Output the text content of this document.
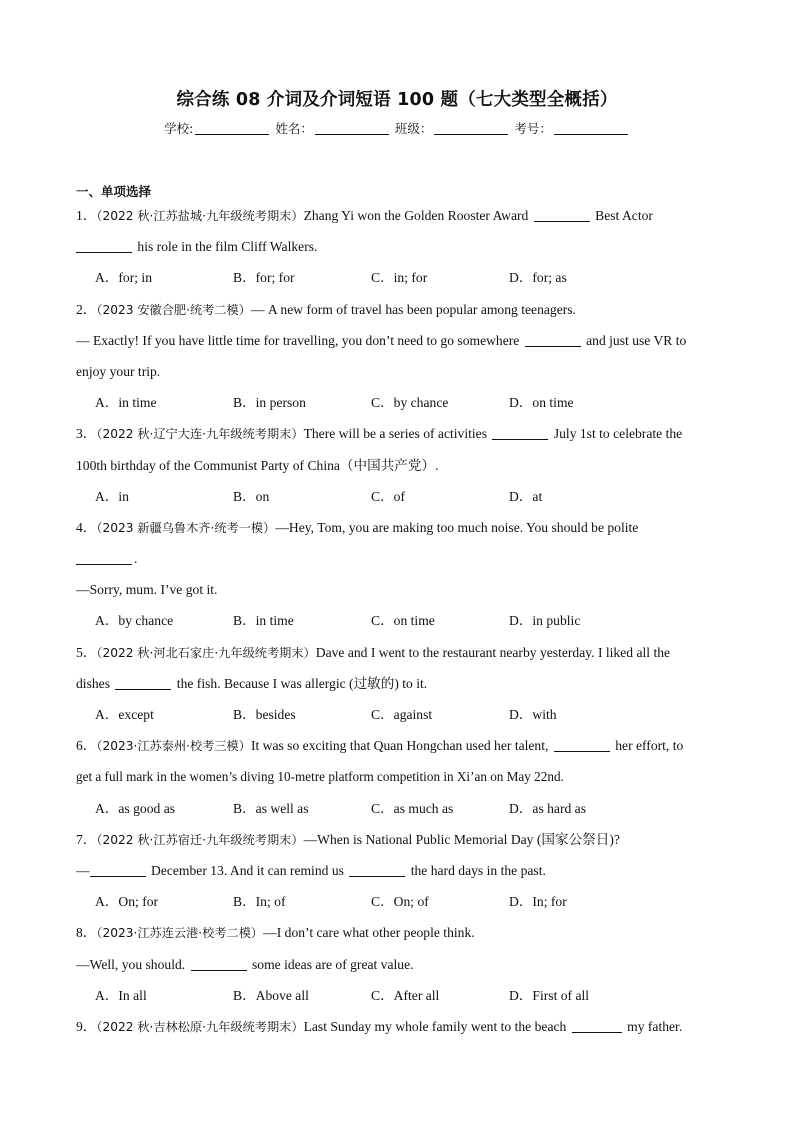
综合练 08 介词及介词短语 100 题（七大类型全概括）
学校:	姓名：	班级：	考号：
一、单项选择
1．（2022 秋·江苏盐城·九年级统考期末）Zhang Yi won the Golden Rooster Award	Best Actor
his role in the film Cliff Walkers.
A．for; in	B．for; for	C．in; for	D．for; as
2．（2023 安徽合肥·统考二模）— A new form of travel has been popular among teenagers.
— Exactly! If you have little time for travelling, you don’t need to go somewhere	and just use VR to
enjoy your trip.
A．in time	B．in person	C．by chance	D．on time
3．（2022 秋·辽宁大连·九年级统考期末）There will be a series of activities	July 1st to celebrate the
100th birthday of the Communist Party of China（中国共产党）.
A．in	B．on	C．of	D．at
4．（2023 新疆乌鲁木齐·统考一模）—Hey, Tom, you are making too much noise. You should be polite
.
—Sorry, mum. I’ve got it.
A．by chance	B．in time	C．on time	D．in public
5．（2022 秋·河北石家庄·九年级统考期末）Dave and I went to the restaurant nearby yesterday. I liked all the
dishes	the fish. Because I was allergic (过敏的) to it.
A．except	B．besides	C．against	D．with
6．（2023·江苏泰州·校考三模）It was so exciting that Quan Hongchan used her talent,	her effort, to
get a full mark in the women’s diving 10-metre platform competition in Xi’an on May 22nd.
A．as good as	B．as well as	C．as much as	D．as hard as
7．（2022 秋·江苏宿迁·九年级统考期末）—When is National Public Memorial Day (国家公祭日)?
—	December 13. And it can remind us	the hard days in the past.
A．On; for	B．In; of	C．On; of	D．In; for
8．（2023·江苏连云港·校考二模）—I don’t care what other people think.
—Well, you should.	some ideas are of great value.
A．In all	B．Above all	C．After all	D．First of all
9．（2022 秋·吉林松原·九年级统考期末）Last Sunday my whole family went to the beach	my father.
